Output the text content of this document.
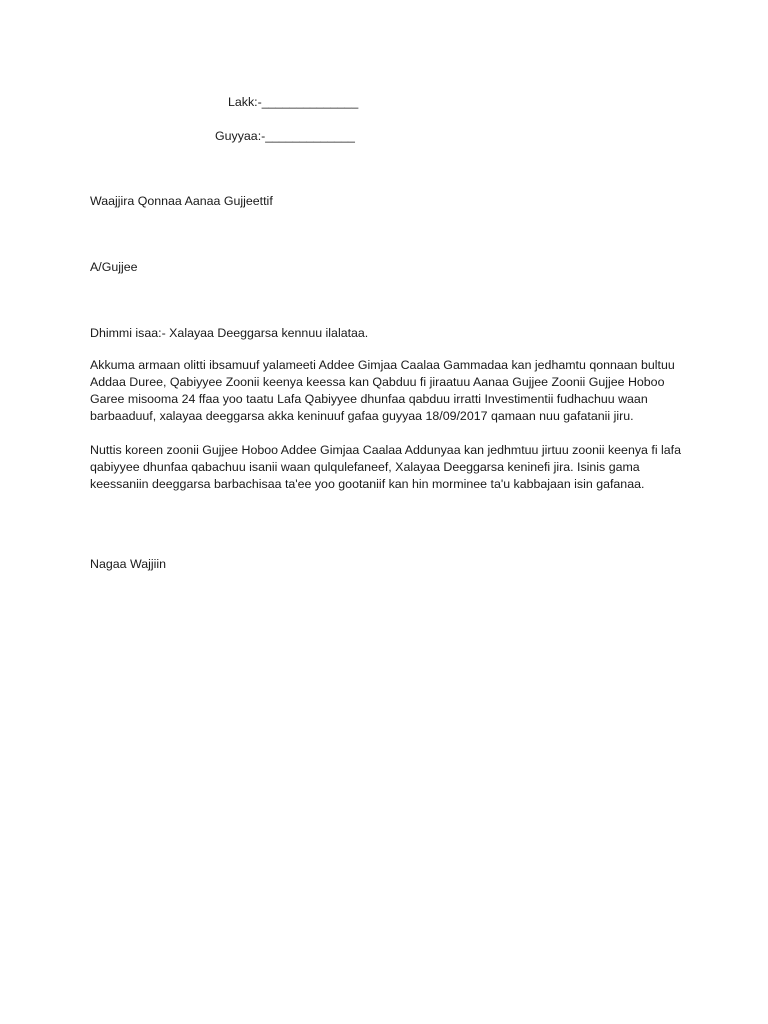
Lakk:-______________

Guyyaa:-_____________

Waajjira Qonnaa Aanaa Gujjeettif

A/Gujjee

Dhimmi isaa:- Xalayaa Deeggarsa kennuu ilalataa.

Akkuma armaan olitti ibsamuuf yalameeti Addee Gimjaa Caalaa Gammadaa kan jedhamtu qonnaan bultuu Addaa Duree, Qabiyyee Zoonii keenya keessa kan Qabduu fi jiraatuu Aanaa Gujjee Zoonii Gujjee Hoboo Garee misooma 24 ffaa yoo taatu Lafa Qabiyyee dhunfaa qabduu irratti Investimentii fudhachuu waan barbaaduuf, xalayaa deeggarsa akka keninuuf gafaa guyyaa 18/09/2017 qamaan nuu gafatanii jiru.

Nuttis koreen zoonii Gujjee Hoboo Addee Gimjaa Caalaa Addunyaa kan jedhmtuu jirtuu zoonii keenya fi lafa qabiyyee dhunfaa qabachuu isanii waan qulqulefaneef, Xalayaa Deeggarsa keninefi jira. Isinis gama keessaniin deeggarsa barbachisaa ta'ee yoo gootaniif kan hin morminee ta'u kabbajaan isin gafanaa.

Nagaa Wajjiin
